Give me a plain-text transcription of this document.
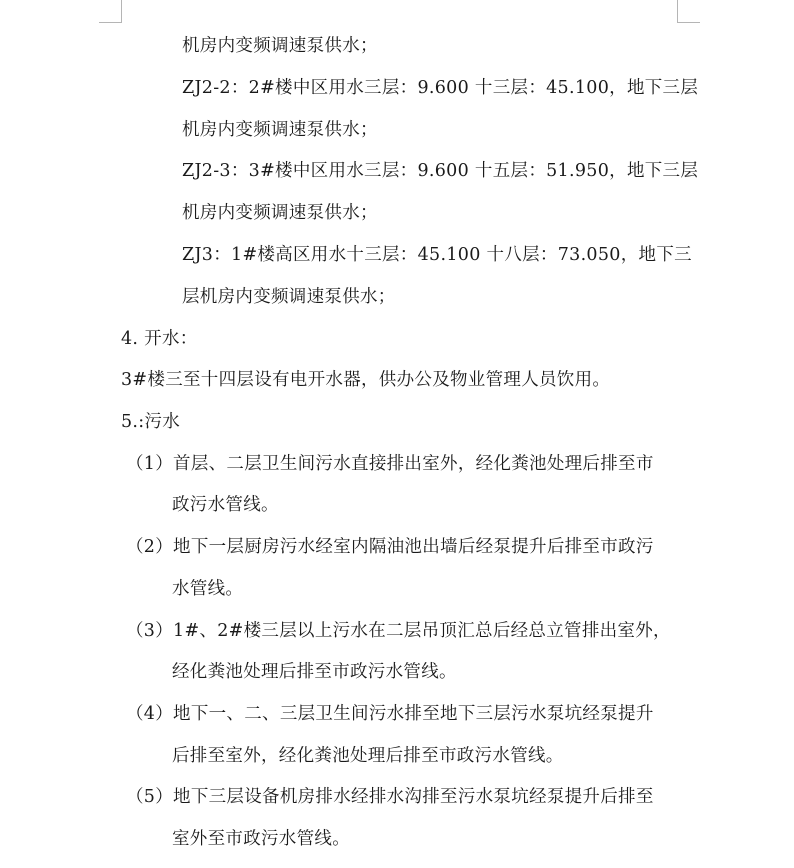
机房内变频调速泵供水；
ZJ2-2：2#楼中区用水三层：9.600 十三层：45.100，地下三层
机房内变频调速泵供水；
ZJ2-3：3#楼中区用水三层：9.600 十五层：51.950，地下三层
机房内变频调速泵供水；
ZJ3：1#楼高区用水十三层：45.100 十八层：73.050，地下三
层机房内变频调速泵供水；
4. 开水：
3#楼三至十四层设有电开水器，供办公及物业管理人员饮用。
5.:污水
（1）首层、二层卫生间污水直接排出室外，经化粪池处理后排至市
政污水管线。
（2）地下一层厨房污水经室内隔油池出墙后经泵提升后排至市政污
水管线。
（3）1#、2#楼三层以上污水在二层吊顶汇总后经总立管排出室外，
经化粪池处理后排至市政污水管线。
（4）地下一、二、三层卫生间污水排至地下三层污水泵坑经泵提升
后排至室外，经化粪池处理后排至市政污水管线。
（5）地下三层设备机房排水经排水沟排至污水泵坑经泵提升后排至
室外至市政污水管线。
